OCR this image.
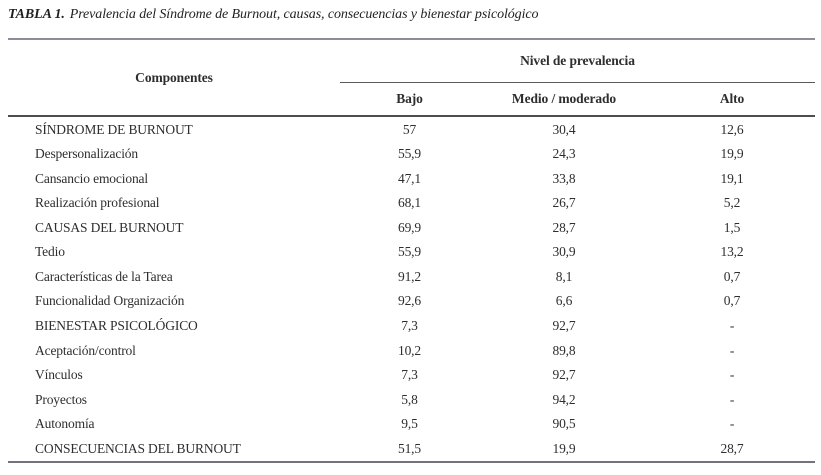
TABLA 1. Prevalencia del Síndrome de Burnout, causas, consecuencias y bienestar psicológico
Componentes
Nivel de prevalencia
Bajo	Medio / moderado	Alto
SÍNDROME DE BURNOUT	57	30,4	12,6
Despersonalización	55,9	24,3	19,9
Cansancio emocional	47,1	33,8	19,1
Realización profesional	68,1	26,7	5,2
CAUSAS DEL BURNOUT	69,9	28,7	1,5
Tedio	55,9	30,9	13,2
Características de la Tarea	91,2	8,1	0,7
Funcionalidad Organización	92,6	6,6	0,7
BIENESTAR PSICOLÓGICO	7,3	92,7	-
Aceptación/control	10,2	89,8	-
Vínculos	7,3	92,7	-
Proyectos	5,8	94,2	-
Autonomía	9,5	90,5	-
CONSECUENCIAS DEL BURNOUT	51,5	19,9	28,7
